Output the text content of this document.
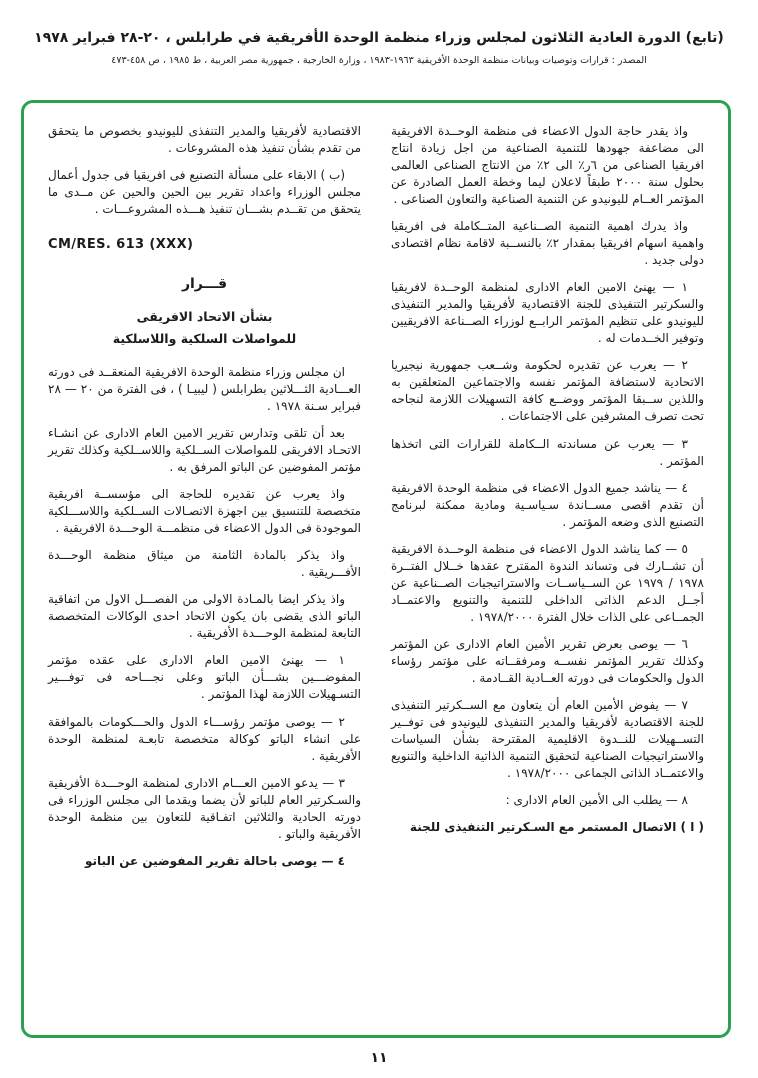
(تابع) الدورة العادية الثلاثون لمجلس وزراء منظمة الوحدة الأفريقية في طرابلس ، ٢٠-٢٨ فبراير ١٩٧٨
المصدر : قرارات وتوصيات وبيانات منظمة الوحدة الأفريقية ١٩٦٣-١٩٨٣ ، وزارة الخارجية ، جمهورية مصر العربية ، ط ١٩٨٥ ، ص ٤٥٨-٤٧٣

واذ يقدر حاجة الدول الاعضاء فى منظمة الوحــدة الافريقية الى مضاعفة جهودها للتنمية الصناعية من اجل زيادة انتاج افريقيا الصناعى من ٦ر٪ الى ٢٪ من الانتاج الصناعى العالمى بحلول سنة ٢٠٠٠ طبقاً لاعلان ليما وخطة العمل الصادرة عن المؤتمر العــام لليونيدو عن التنمية الصناعية والتعاون الصناعى .

واذ يدرك اهمية التنمية الصــناعية المتــكاملة فى افريقيا واهمية اسهام افريقيا بمقدار ٢٪ بالنســبة لاقامة نظام اقتصادى دولى جديد .

١ — يهنئ الامين العام الادارى لمنظمة الوحــدة لافريقيا والسكرتير التنفيذى للجنة الاقتصادية لأفريقيا والمدير التنفيذى لليونيدو على تنظيم المؤتمر الرابــع لوزراء الصــناعة الافريقيين وتوفير الخــدمات له .

٢ — يعرب عن تقديره لحكومة وشــعب جمهورية نيجيريا الاتحادية لاستضافة المؤتمر نفسه والاجتماعين المتعلقين به واللذين ســبقا المؤتمر ووضــع كافة التسهيلات اللازمة لنجاحه تحت تصرف المشرفين على الاجتماعات .

٣ — يعرب عن مساندته الــكاملة للقرارات التى اتخذها المؤتمر .

٤ — يناشد جميع الدول الاعضاء فى منظمة الوحدة الافريقية أن تقدم اقصى مســاندة سـياسـية ومادية ممكنة لبرنامج التصنيع الذى وضعه المؤتمر .

٥ — كما يناشد الدول الاعضاء فى منظمة الوحــدة الافريقية أن تشــارك فى وتساند الندوة المقترح عقدها خــلال الفتــرة ١٩٧٨ / ١٩٧٩ عن الســياســات والاستراتيجيات الصــناعية عن أجــل الدعم الذاتى الداخلى للتنمية والتنويع والاعتمــاد الجمــاعى على الذات خلال الفترة ١٩٧٨/٢٠٠٠ .

٦ — يوصى بعرض تقرير الأمين العام الادارى عن المؤتمر وكذلك تقرير المؤتمر نفســه ومرفقــاته على مؤتمر رؤساء الدول والحكومات فى دورته العــادية القــادمة .

٧ — يفوض الأمين العام أن يتعاون مع الســكرتير التنفيذى للجنة الاقتصادية لأفريقيا والمدير التنفيذى لليونيدو فى توفــير التســهيلات للنــدوة الاقليمية المقترحة بشأن السياسات والاستراتيجيات الصناعية لتحقيق التنمية الذاتية الداخلية والتنويع والاعتمــاد الذاتى الجماعى ١٩٧٨/٢٠٠٠ .

٨ — يطلب الى الأمين العام الادارى :

( ا ) الاتصال المستمر مع السـكرتير التنفيذى للجنة

الاقتصادية لأفريقيا والمدير التنفذى لليونيدو بخصوص ما يتحقق من تقدم بشأن تنفيذ هذه المشروعات .

(ب ) الابقاء على مسألة التصنيع فى افريقيا فى جدول أعمال مجلس الوزراء واعداد تقرير بين الحين والحين عن مــدى ما يتحقق من تقــدم بشـــان تنفيذ هـــذه المشروعـــات .

CM/RES. 613 (XXX)
قـــرار
بشأن الاتحاد الافريقى
للمواصلات السلكية واللاسلكية

ان مجلس وزراء منظمة الوحدة الافريقية المنعقــد فى دورته العـــادية الثـــلاثين بطرابلس ( ليبيـا ) ، فى الفترة من ٢٠ — ٢٨ فبراير سـنة ١٩٧٨ .

بعد أن تلقى وتدارس تقرير الامين العام الادارى عن انشـاء الاتحـاد الافريقى للمواصلات الســلكية واللاســلكية وكذلك تقرير مؤتمر المفوضين عن الباتو المرفق به .

واذ يعرب عن تقديره للحاجة الى مؤسســة افريقية متخصصة للتنسيق بين اجهزة الاتصـالات الســلكية واللاســـلكية الموجودة فى الدول الاعضاء فى منظمـــة الوحـــدة الافريقية .

واذ يذكر بالمادة الثامنة من ميثاق منظمة الوحـــدة الأفـــريقية .

واذ يذكر ايضا بالمـادة الاولى من الفصـــل الاول من اتفاقية الباتو الذى يقضى بان يكون الاتحاد احدى الوكالات المتخصصة التابعة لمنظمة الوحـــدة الأفريقية .

١ — يهنئ الامين العام الادارى على عقده مؤتمر المفوضـــين بشـــأن الباتو وعلى نجـــاحه فى توفـــير التسـهيلات اللازمة لهذا المؤتمر .

٢ — يوصى مؤتمر رؤســـاء الدول والحـــكومات بالموافقة على انشاء الباتو كوكالة متخصصة تابعـة لمنظمة الوحدة الأفريقية .

٣ — يدعو الامين العـــام الادارى لمنظمة الوحـــدة الأفريقية والسـكرتير العام للباتو لأن يضما ويقدما الى مجلس الوزراء فى دورته الحادية والثلاثين اتفـاقية للتعاون بين منظمة الوحدة الأفريقية والباتو .

٤ — يوصى باحالة تقرير المفوضين عن الباتو

١١
